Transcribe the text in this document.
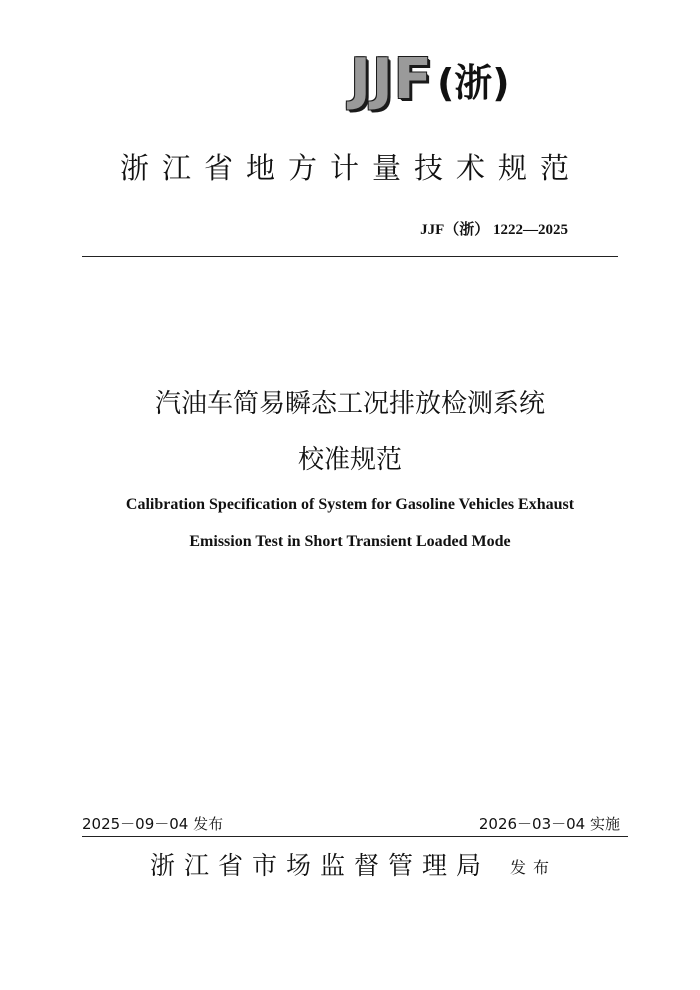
JJF (浙)
浙江省地方计量技术规范
JJF（浙） 1222—2025
汽油车简易瞬态工况排放检测系统
校准规范
Calibration Specification of System for Gasoline Vehicles Exhaust
Emission Test in Short Transient Loaded Mode
2025－09－04 发布	2026－03－04 实施
浙江省市场监督管理局 发布
